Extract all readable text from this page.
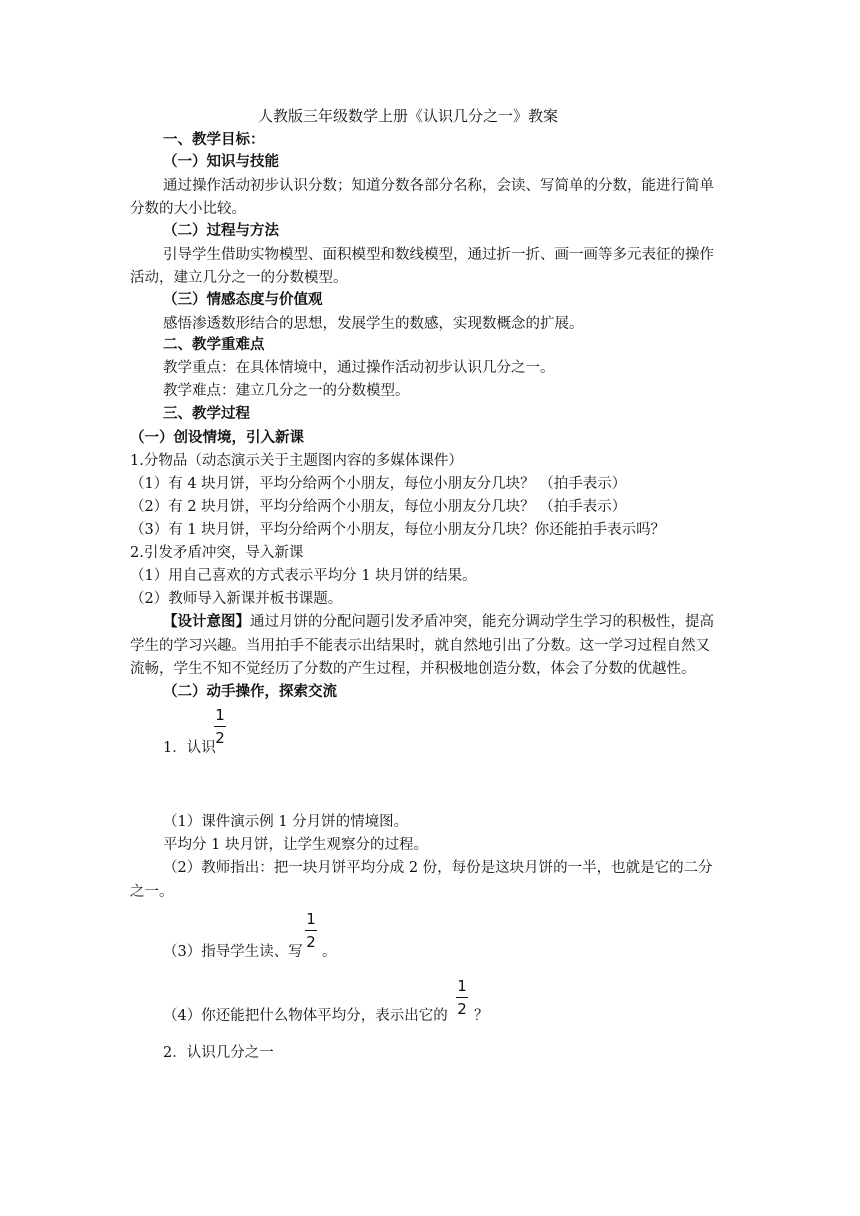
人教版三年级数学上册《认识几分之一》教案
一、教学目标：
（一）知识与技能
通过操作活动初步认识分数；知道分数各部分名称，会读、写简单的分数，能进行简单
分数的大小比较。
（二）过程与方法
引导学生借助实物模型、面积模型和数线模型，通过折一折、画一画等多元表征的操作
活动，建立几分之一的分数模型。
（三）情感态度与价值观
感悟渗透数形结合的思想，发展学生的数感，实现数概念的扩展。
二、教学重难点
教学重点：在具体情境中，通过操作活动初步认识几分之一。
教学难点：建立几分之一的分数模型。
三、教学过程
（一）创设情境，引入新课
1.分物品（动态演示关于主题图内容的多媒体课件）
（1）有 4 块月饼，平均分给两个小朋友，每位小朋友分几块？ （拍手表示）
（2）有 2 块月饼，平均分给两个小朋友，每位小朋友分几块？ （拍手表示）
（3）有 1 块月饼，平均分给两个小朋友，每位小朋友分几块？你还能拍手表示吗？
2.引发矛盾冲突，导入新课
（1）用自己喜欢的方式表示平均分 1 块月饼的结果。
（2）教师导入新课并板书课题。
【设计意图】通过月饼的分配问题引发矛盾冲突，能充分调动学生学习的积极性，提高
学生的学习兴趣。当用拍手不能表示出结果时，就自然地引出了分数。这一学习过程自然又
流畅，学生不知不觉经历了分数的产生过程，并积极地创造分数，体会了分数的优越性。
（二）动手操作，探索交流
1．认识
1
2
（1）课件演示例 1 分月饼的情境图。
平均分 1 块月饼，让学生观察分的过程。
（2）教师指出：把一块月饼平均分成 2 份，每份是这块月饼的一半，也就是它的二分
之一。
（3）指导学生读、写
1
2
。
（4）你还能把什么物体平均分，表示出它的
1
2 ？
2．认识几分之一
